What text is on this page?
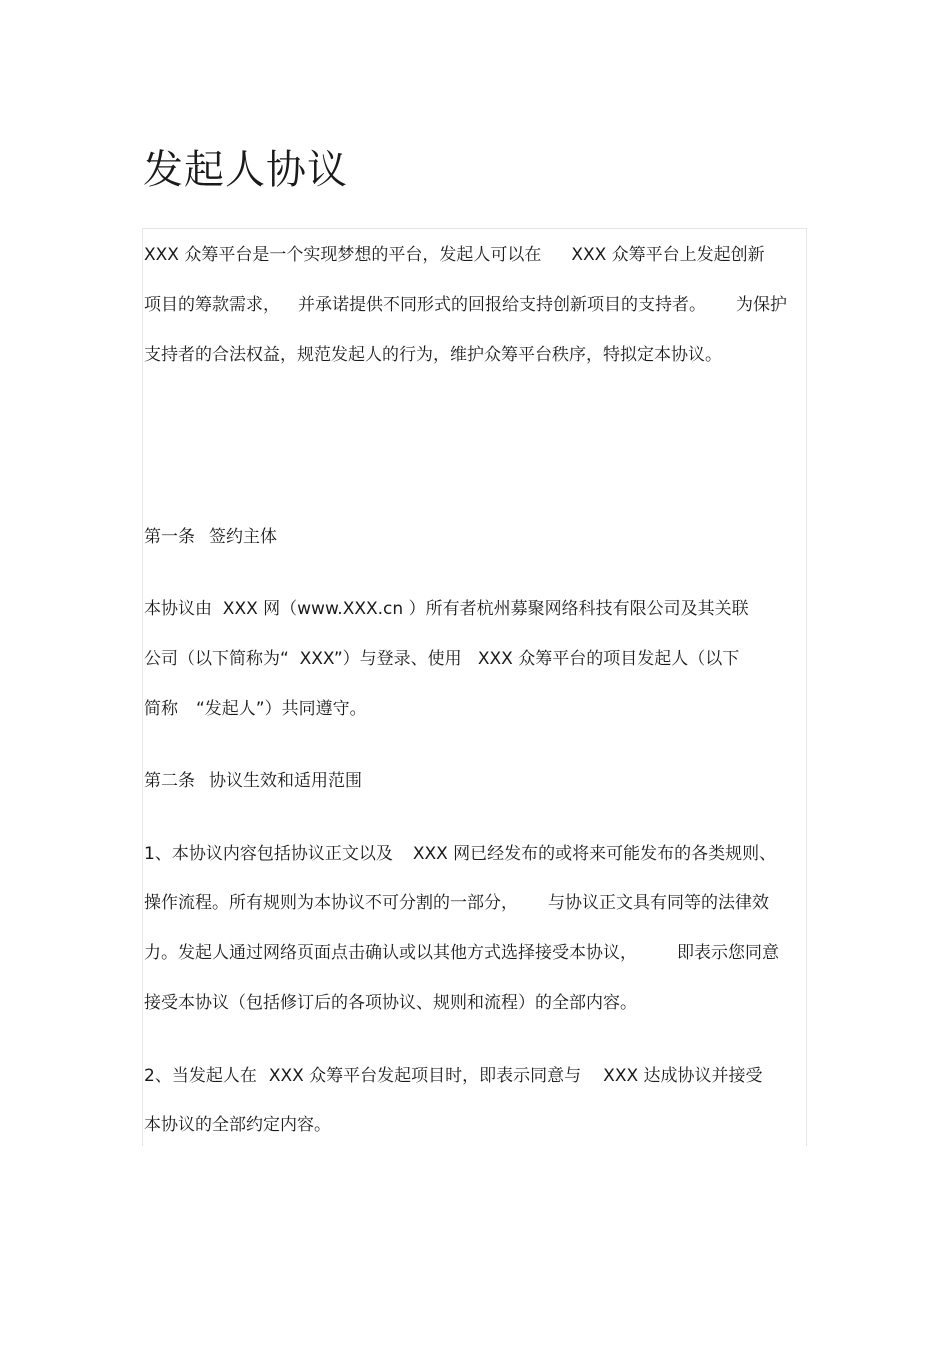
发起人协议

XXX 众筹平台是一个实现梦想的平台，发起人可以在 XXX 众筹平台上发起创新

项目的筹款需求， 并承诺提供不同形式的回报给支持创新项目的支持者。 为保护

支持者的合法权益，规范发起人的行为，维护众筹平台秩序，特拟定本协议。

第一条 签约主体

本协议由  XXX 网（www.XXX.cn ）所有者杭州募聚网络科技有限公司及其关联

公司（以下简称为“  XXX”）与登录、使用   XXX 众筹平台的项目发起人（以下

简称 “发起人”）共同遵守。

第二条 协议生效和适用范围

1、本协议内容包括协议正文以及 XXX 网已经发布的或将来可能发布的各类规则、

操作流程。所有规则为本协议不可分割的一部分， 与协议正文具有同等的法律效

力。发起人通过网络页面点击确认或以其他方式选择接受本协议， 即表示您同意

接受本协议（包括修订后的各项协议、规则和流程）的全部内容。

2、当发起人在 XXX 众筹平台发起项目时，即表示同意与 XXX 达成协议并接受

本协议的全部约定内容。
